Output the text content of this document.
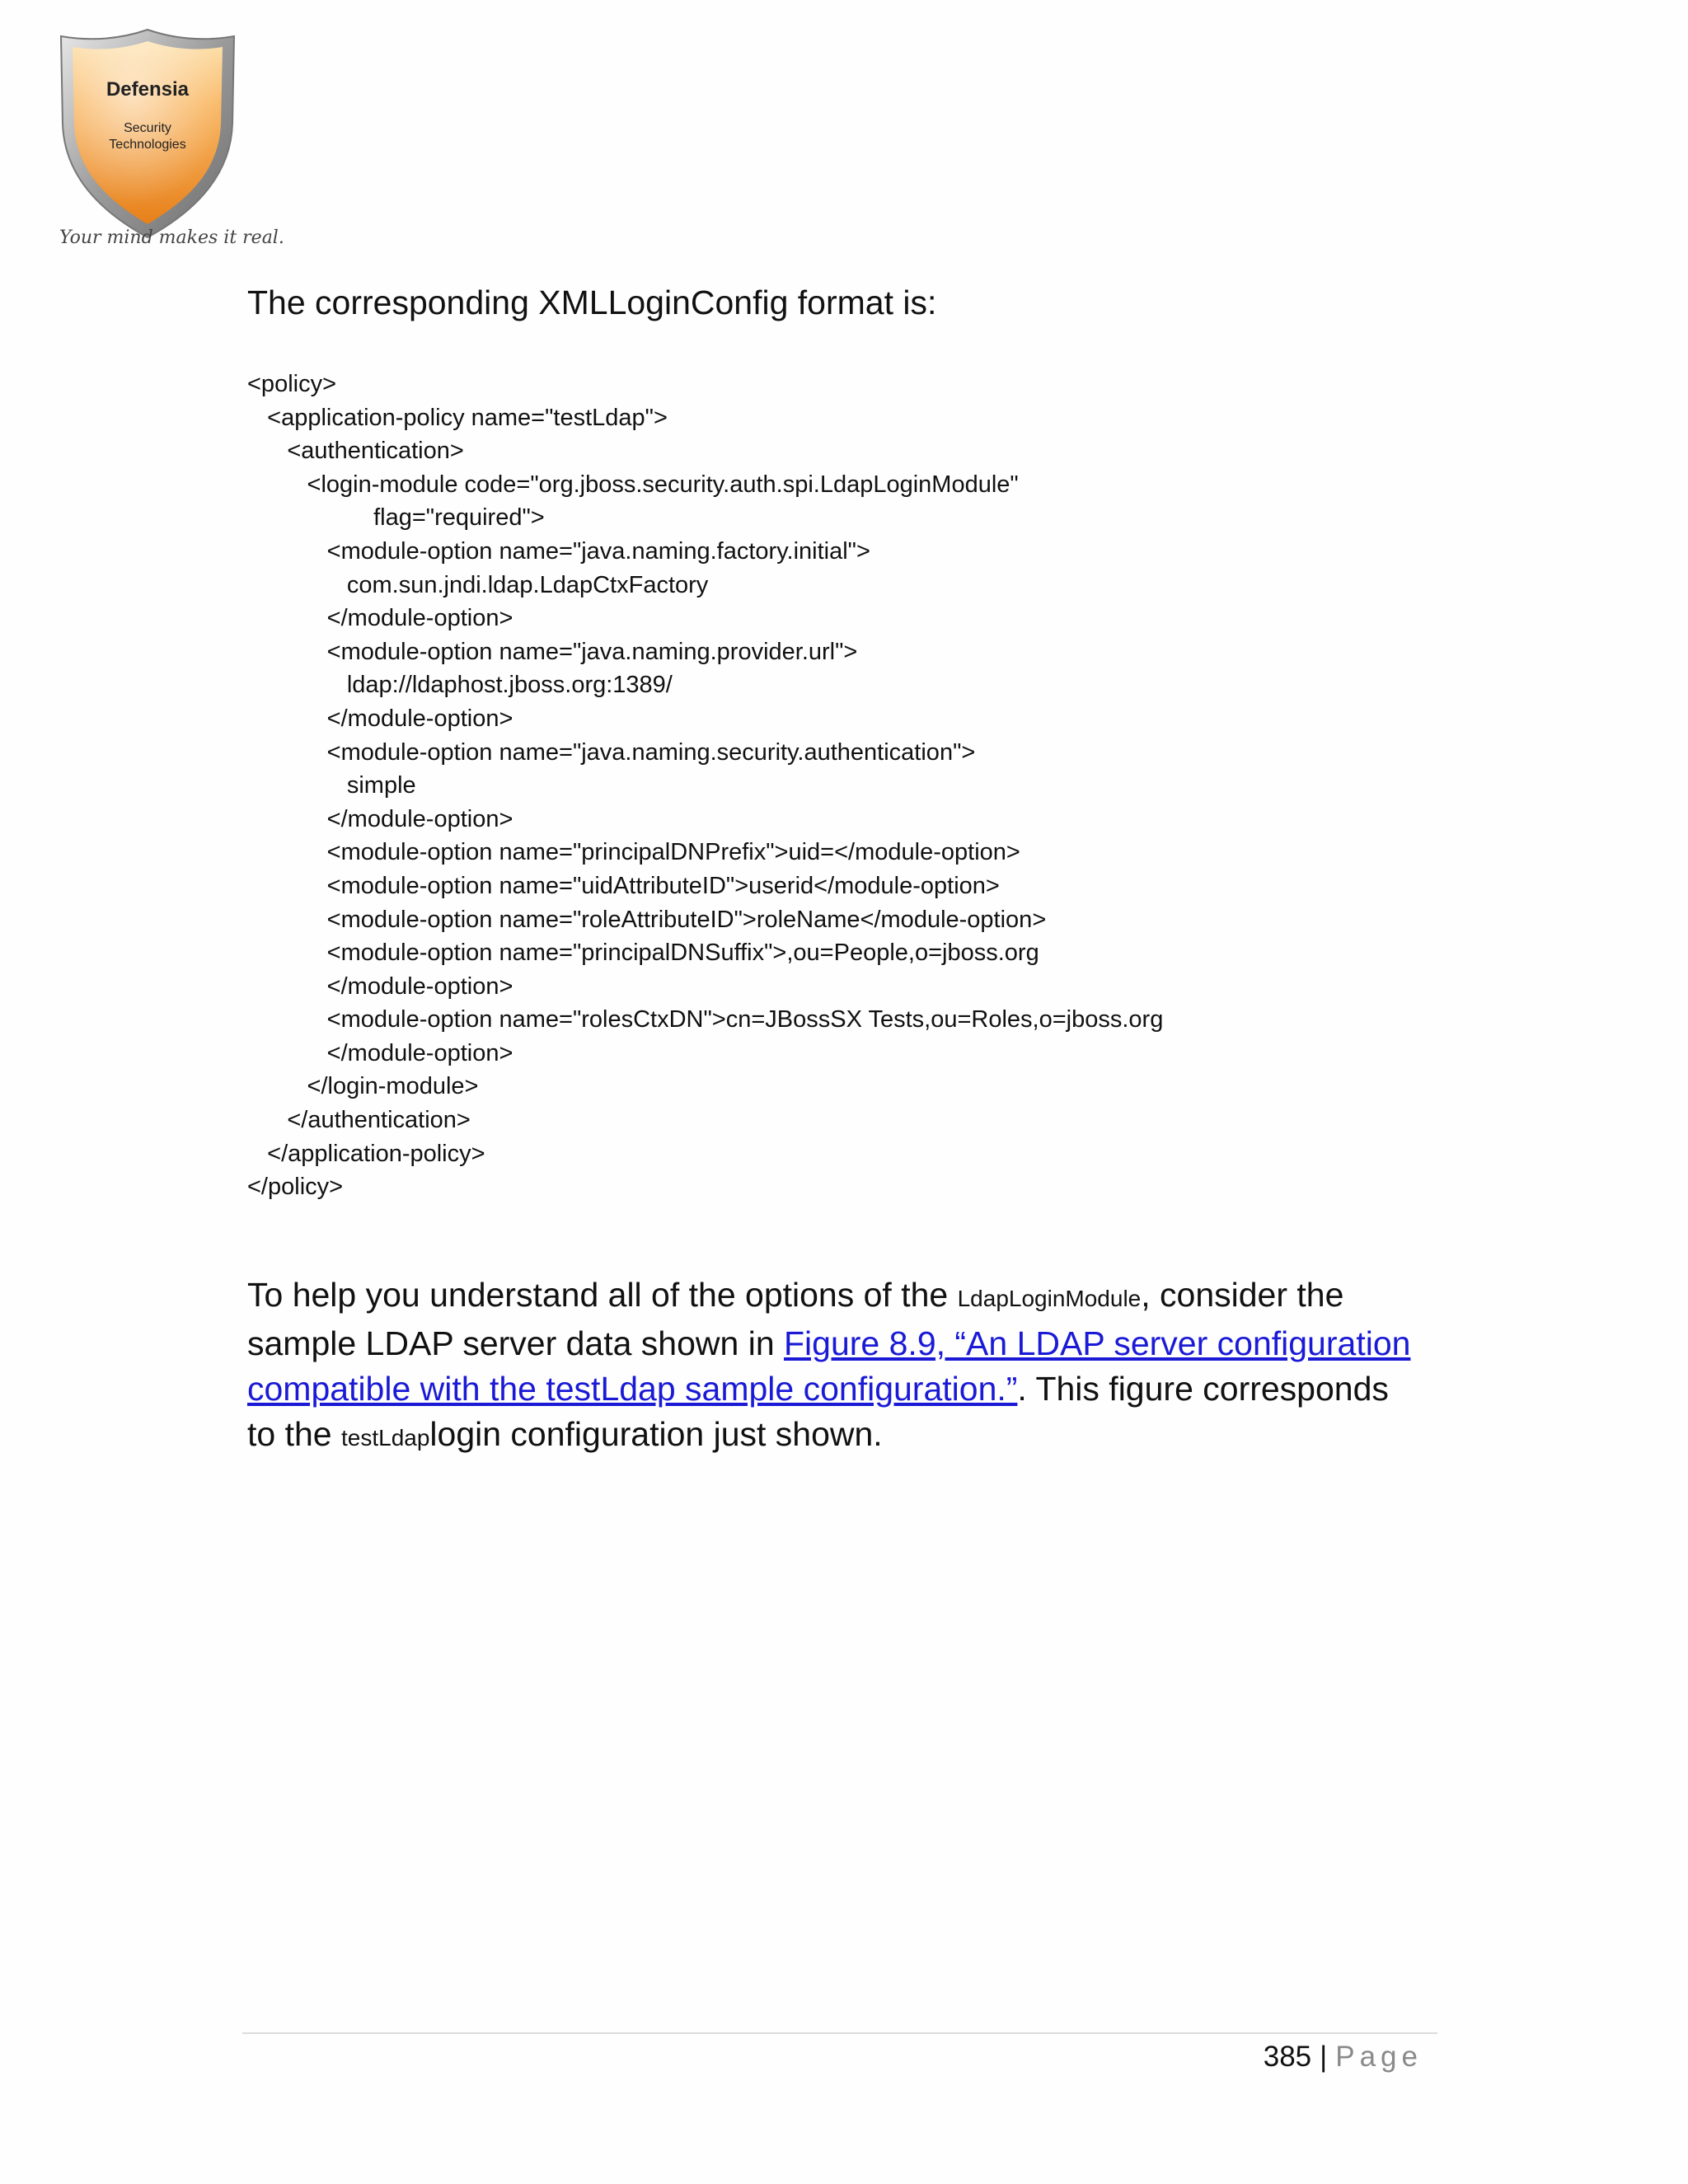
Defensia
Security
Technologies
Your mind makes it real.
The corresponding XMLLoginConfig format is:
<policy>
<application-policy name="testLdap">
<authentication>
<login-module code="org.jboss.security.auth.spi.LdapLoginModule"
flag="required">
<module-option name="java.naming.factory.initial">
com.sun.jndi.ldap.LdapCtxFactory
</module-option>
<module-option name="java.naming.provider.url">
ldap://ldaphost.jboss.org:1389/
</module-option>
<module-option name="java.naming.security.authentication">
simple
</module-option>
<module-option name="principalDNPrefix">uid=</module-option>
<module-option name="uidAttributeID">userid</module-option>
<module-option name="roleAttributeID">roleName</module-option>
<module-option name="principalDNSuffix">,ou=People,o=jboss.org
</module-option>
<module-option name="rolesCtxDN">cn=JBossSX Tests,ou=Roles,o=jboss.org
</module-option>
</login-module>
</authentication>
</application-policy>
</policy>
To help you understand all of the options of the LdapLoginModule, consider the sample LDAP server data shown in Figure 8.9, “An LDAP server configuration compatible with the testLdap sample configuration.”. This figure corresponds to the testLdaplogin configuration just shown.
385 | Page
